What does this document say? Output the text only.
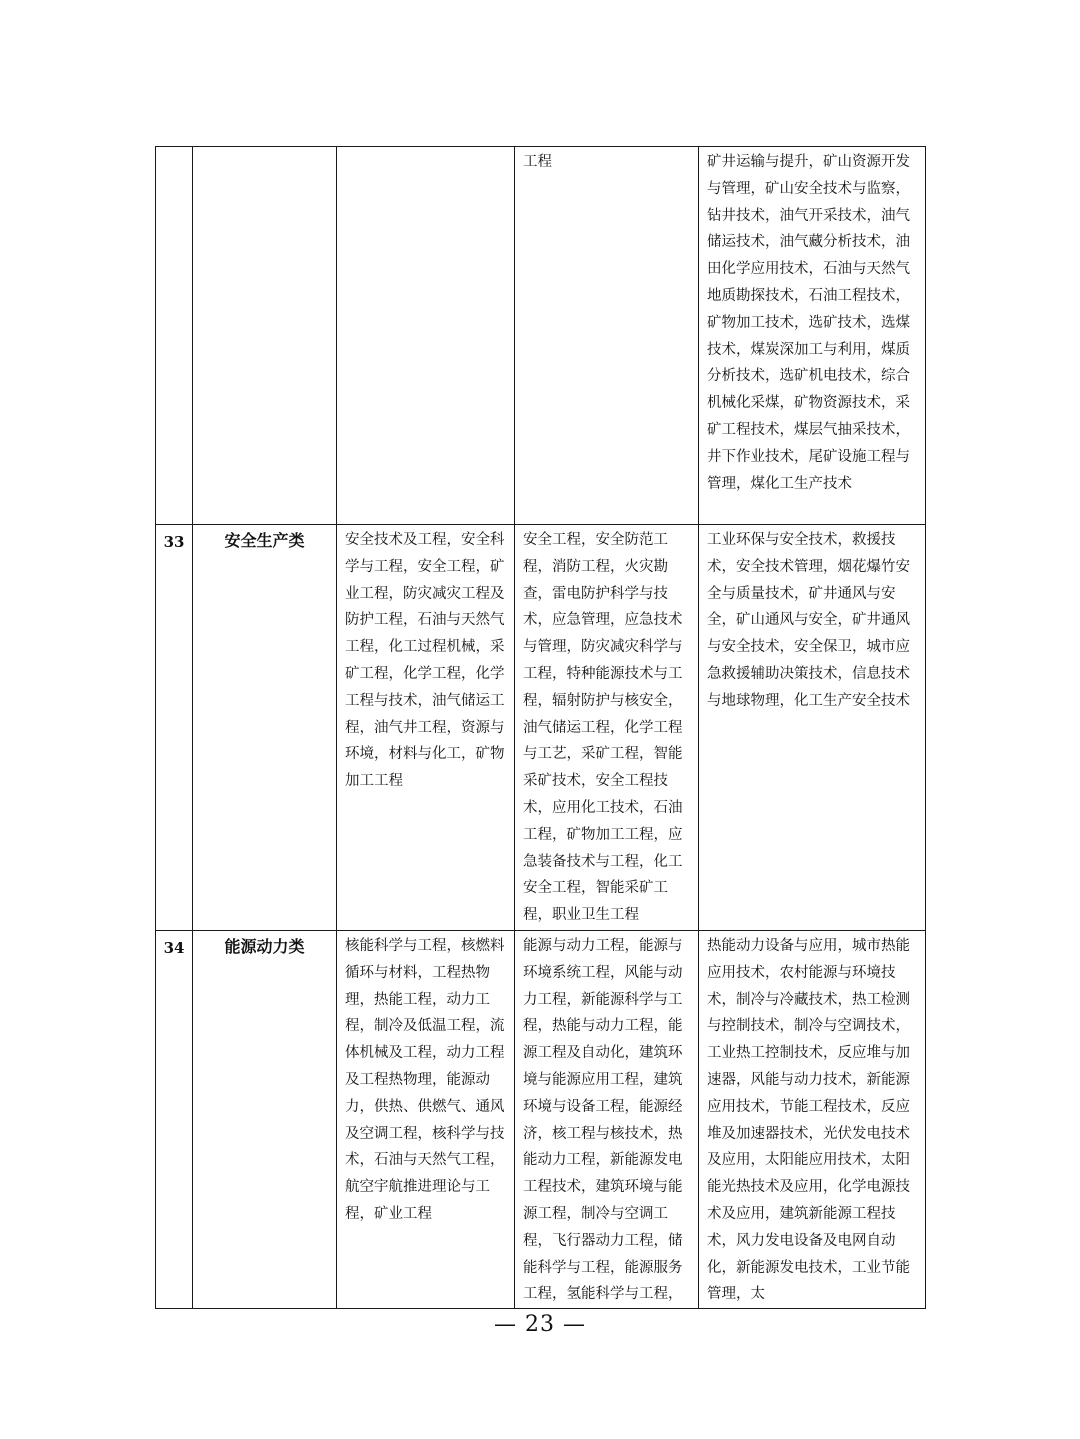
			工程	矿井运输与提升，矿山资源开发与管理，矿山安全技术与监察，钻井技术，油气开采技术，油气储运技术，油气藏分析技术，油田化学应用技术，石油与天然气地质勘探技术，石油工程技术，矿物加工技术，选矿技术，选煤技术，煤炭深加工与利用，煤质分析技术，选矿机电技术，综合机械化采煤，矿物资源技术，采矿工程技术，煤层气抽采技术，井下作业技术，尾矿设施工程与管理，煤化工生产技术
33	安全生产类	安全技术及工程，安全科学与工程，安全工程，矿业工程，防灾减灾工程及防护工程，石油与天然气工程，化工过程机械，采矿工程，化学工程，化学工程与技术，油气储运工程，油气井工程，资源与环境，材料与化工，矿物加工工程	安全工程，安全防范工程，消防工程，火灾勘查，雷电防护科学与技术，应急管理，应急技术与管理，防灾减灾科学与工程，特种能源技术与工程，辐射防护与核安全，油气储运工程，化学工程与工艺，采矿工程，智能采矿技术，安全工程技术，应用化工技术，石油工程，矿物加工工程，应急装备技术与工程，化工安全工程，智能采矿工程，职业卫生工程	工业环保与安全技术，救援技术，安全技术管理，烟花爆竹安全与质量技术，矿井通风与安全，矿山通风与安全，矿井通风与安全技术，安全保卫，城市应急救援辅助决策技术，信息技术与地球物理，化工生产安全技术
34	能源动力类	核能科学与工程，核燃料循环与材料，工程热物理，热能工程，动力工程，制冷及低温工程，流体机械及工程，动力工程及工程热物理，能源动力，供热、供燃气、通风及空调工程，核科学与技术，石油与天然气工程，航空宇航推进理论与工程，矿业工程	能源与动力工程，能源与环境系统工程，风能与动力工程，新能源科学与工程，热能与动力工程，能源工程及自动化，建筑环境与能源应用工程，建筑环境与设备工程，能源经济，核工程与核技术，热能动力工程，新能源发电工程技术，建筑环境与能源工程，制冷与空调工程，飞行器动力工程，储能科学与工程，能源服务工程，氢能科学与工程，	热能动力设备与应用，城市热能应用技术，农村能源与环境技术，制冷与冷藏技术，热工检测与控制技术，制冷与空调技术，工业热工控制技术，反应堆与加速器，风能与动力技术，新能源应用技术，节能工程技术，反应堆及加速器技术，光伏发电技术及应用，太阳能应用技术，太阳能光热技术及应用，化学电源技术及应用，建筑新能源工程技术，风力发电设备及电网自动化，新能源发电技术，工业节能管理，太
— 23 —
